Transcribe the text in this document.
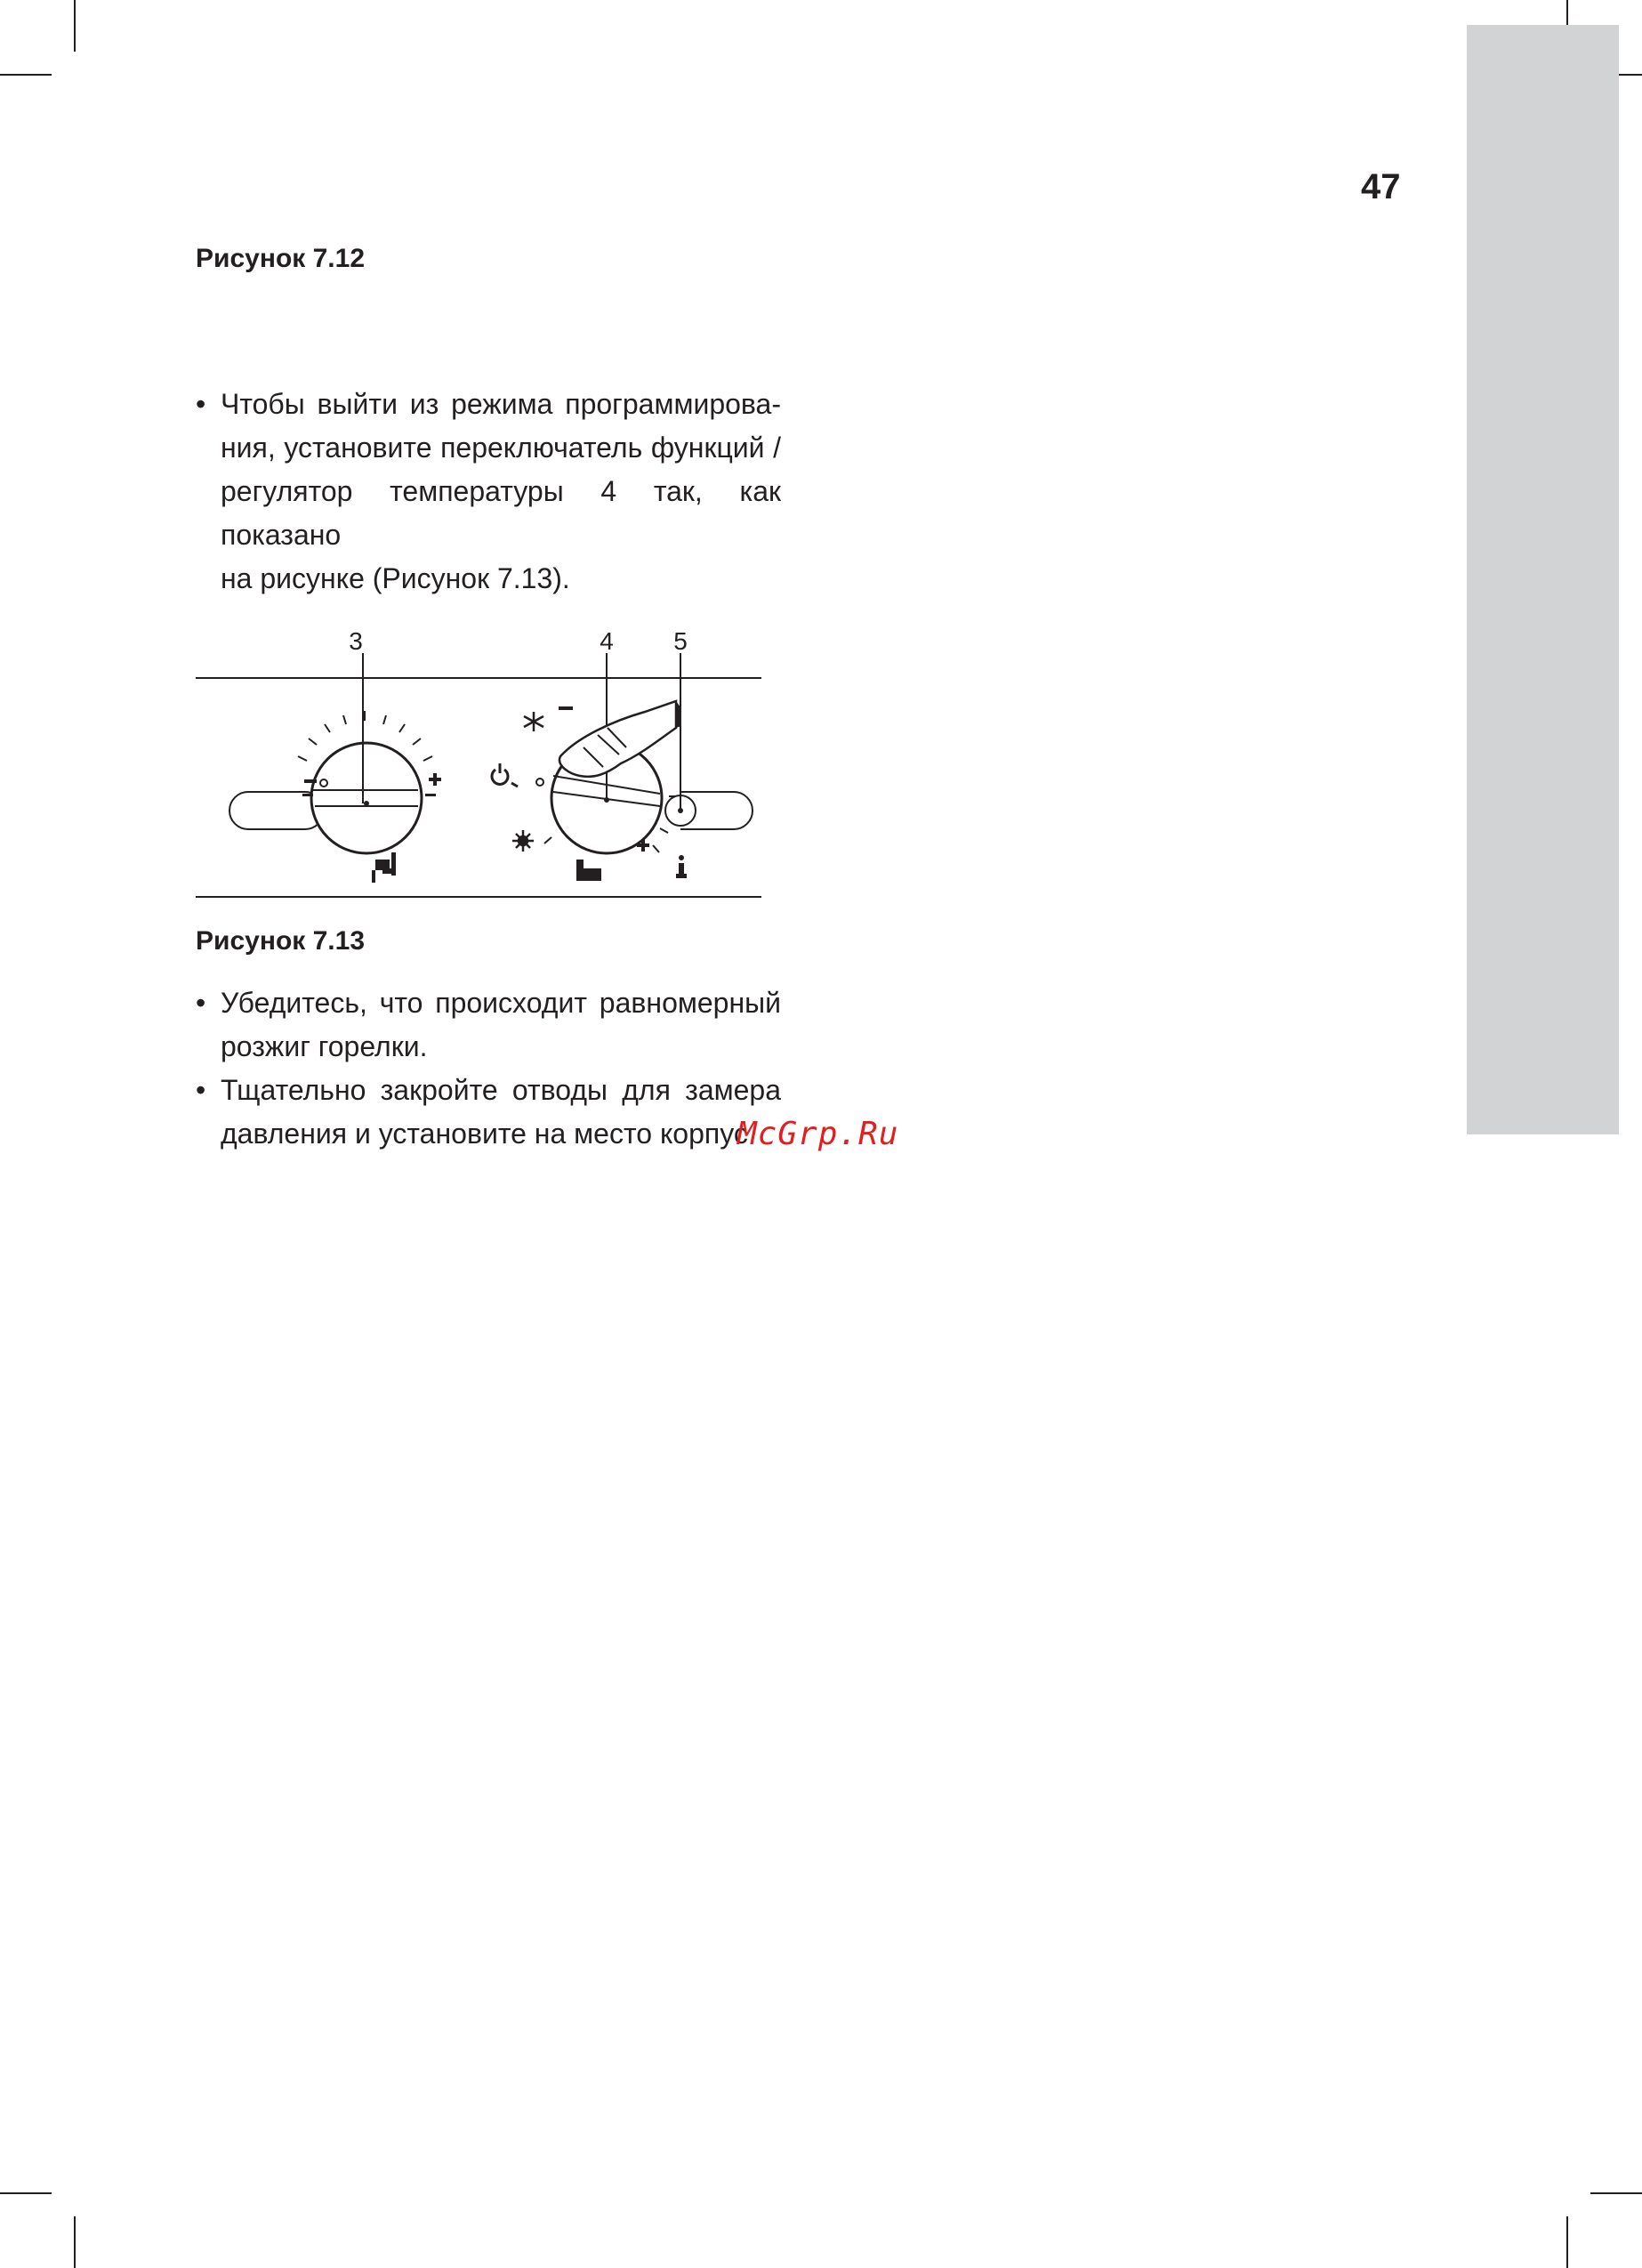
47
Рисунок 7.12
• Чтобы выйти из режима программирова-
ния, установите переключатель функций /
регулятор температуры 4 так, как показано
на рисунке (Рисунок 7.13).
3	4 5
Рисунок 7.13
• Убедитесь, что происходит равномерный
розжиг горелки.
• Тщательно закройте отводы для замера
давления и установите на место корпус
McGrp.Ru
